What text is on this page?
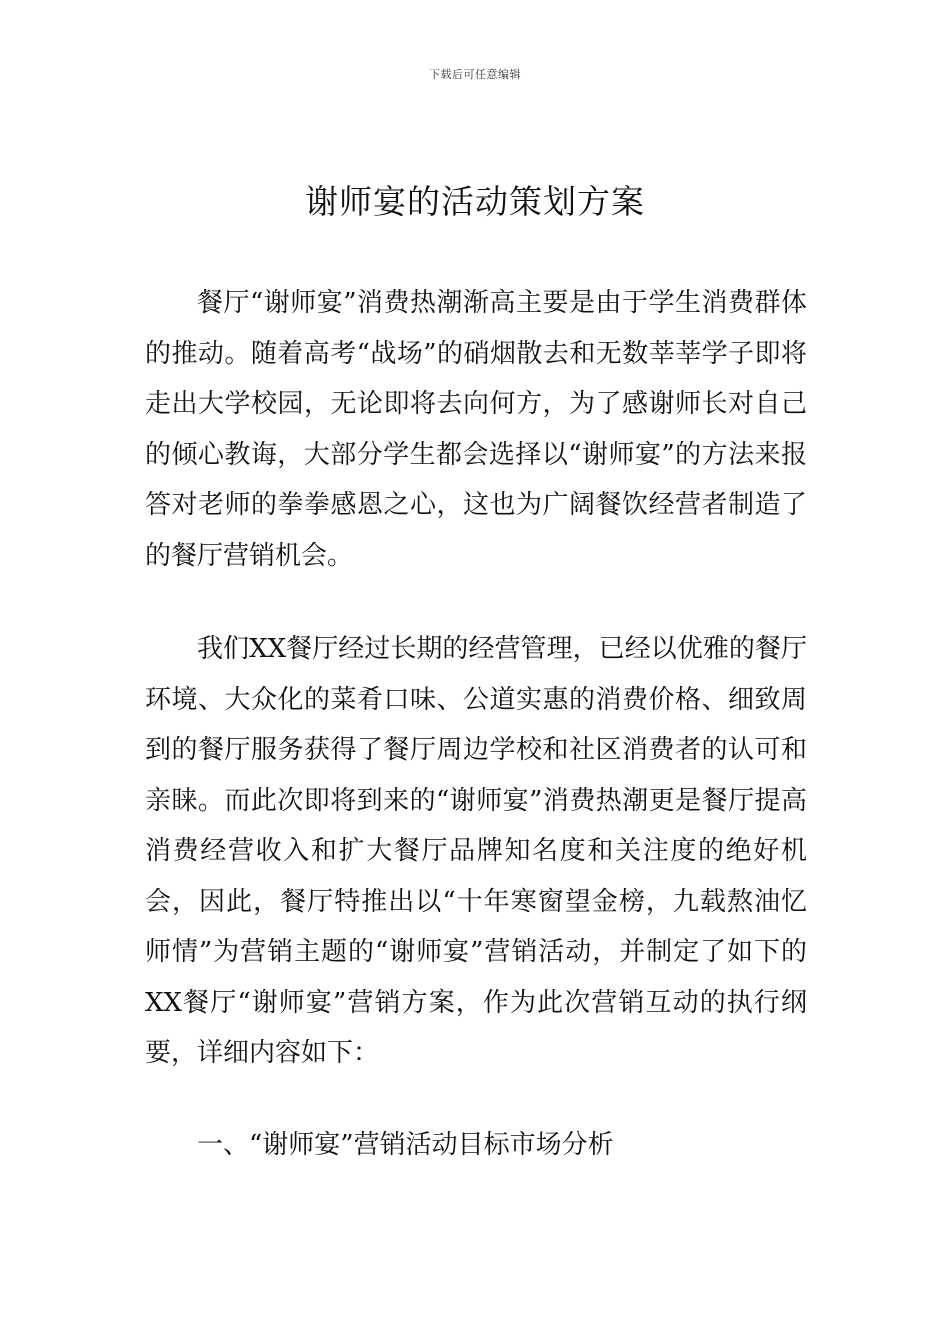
下载后可任意编辑
谢师宴的活动策划方案

餐厅“谢师宴”消费热潮渐高主要是由于学生消费群体的推动。随着高考“战场”的硝烟散去和无数莘莘学子即将走出大学校园，无论即将去向何方，为了感谢师长对自己的倾心教诲，大部分学生都会选择以“谢师宴”的方法来报答对老师的拳拳感恩之心，这也为广阔餐饮经营者制造了的餐厅营销机会。

我们XX餐厅经过长期的经营管理，已经以优雅的餐厅环境、大众化的菜肴口味、公道实惠的消费价格、细致周到的餐厅服务获得了餐厅周边学校和社区消费者的认可和亲睐。而此次即将到来的“谢师宴”消费热潮更是餐厅提高消费经营收入和扩大餐厅品牌知名度和关注度的绝好机会，因此，餐厅特推出以“十年寒窗望金榜，九载熬油忆师情”为营销主题的“谢师宴”营销活动，并制定了如下的XX餐厅“谢师宴”营销方案，作为此次营销互动的执行纲要，详细内容如下：

一、“谢师宴”营销活动目标市场分析
